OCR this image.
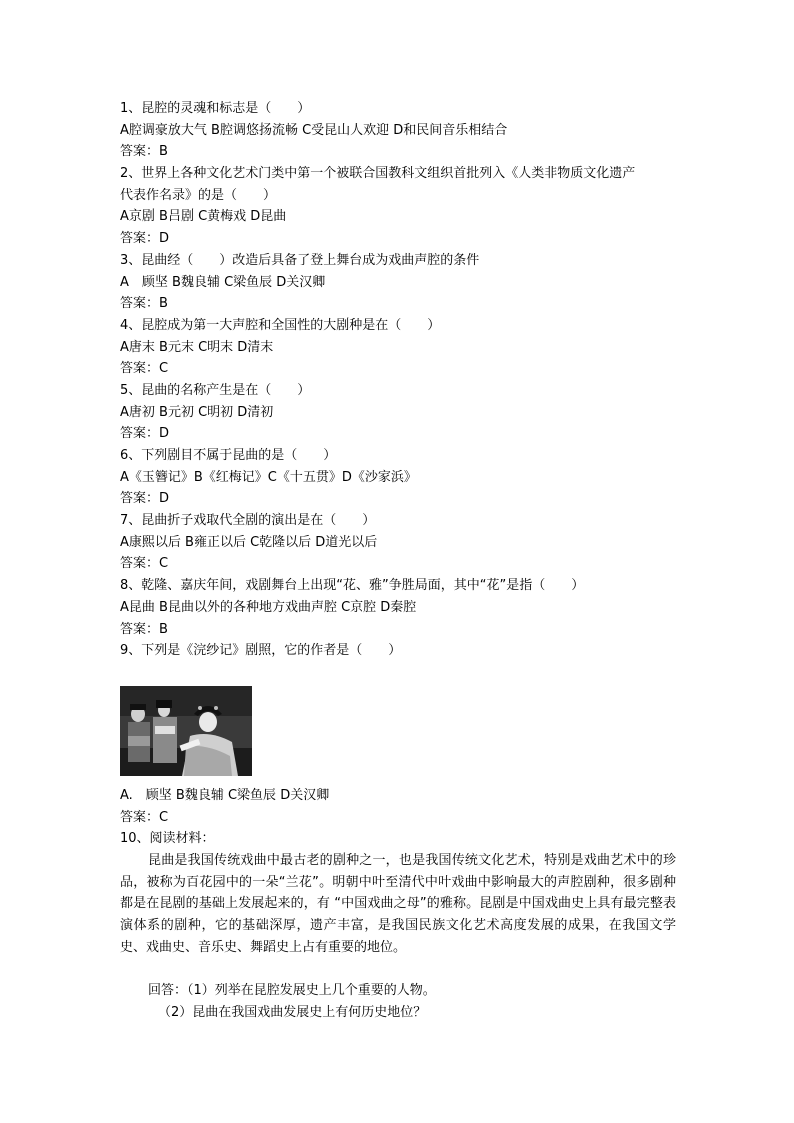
1、昆腔的灵魂和标志是（　　）
A腔调豪放大气 B腔调悠扬流畅 C受昆山人欢迎 D和民间音乐相结合
答案：B
2、世界上各种文化艺术门类中第一个被联合国教科文组织首批列入《人类非物质文化遗产
代表作名录》的是（　　）
A京剧 B吕剧 C黄梅戏 D昆曲
答案：D
3、昆曲经（　　）改造后具备了登上舞台成为戏曲声腔的条件
A　顾坚 B魏良辅 C梁鱼辰 D关汉卿
答案：B
4、昆腔成为第一大声腔和全国性的大剧种是在（　　）
A唐末 B元末 C明末 D清末
答案：C
5、昆曲的名称产生是在（　　）
A唐初 B元初 C明初 D清初
答案：D
6、下列剧目不属于昆曲的是（　　）
A《玉簪记》B《红梅记》C《十五贯》D《沙家浜》
答案：D
7、昆曲折子戏取代全剧的演出是在（　　）
A康熙以后 B雍正以后 C乾隆以后 D道光以后
答案：C
8、乾隆、嘉庆年间，戏剧舞台上出现“花、雅”争胜局面，其中“花”是指（　　）
A昆曲 B昆曲以外的各种地方戏曲声腔 C京腔 D秦腔
答案：B
9、下列是《浣纱记》剧照，它的作者是（　　）
A.　顾坚 B魏良辅 C梁鱼辰 D关汉卿
答案：C
10、阅读材料：
昆曲是我国传统戏曲中最古老的剧种之一，也是我国传统文化艺术，特别是戏曲艺术中的珍品，被称为百花园中的一朵“兰花”。明朝中叶至清代中叶戏曲中影响最大的声腔剧种，很多剧种都是在昆剧的基础上发展起来的，有 “中国戏曲之母”的雅称。昆剧是中国戏曲史上具有最完整表演体系的剧种，它的基础深厚，遗产丰富，是我国民族文化艺术高度发展的成果，在我国文学史、戏曲史、音乐史、舞蹈史上占有重要的地位。
回答：（1）列举在昆腔发展史上几个重要的人物。
（2）昆曲在我国戏曲发展史上有何历史地位？
